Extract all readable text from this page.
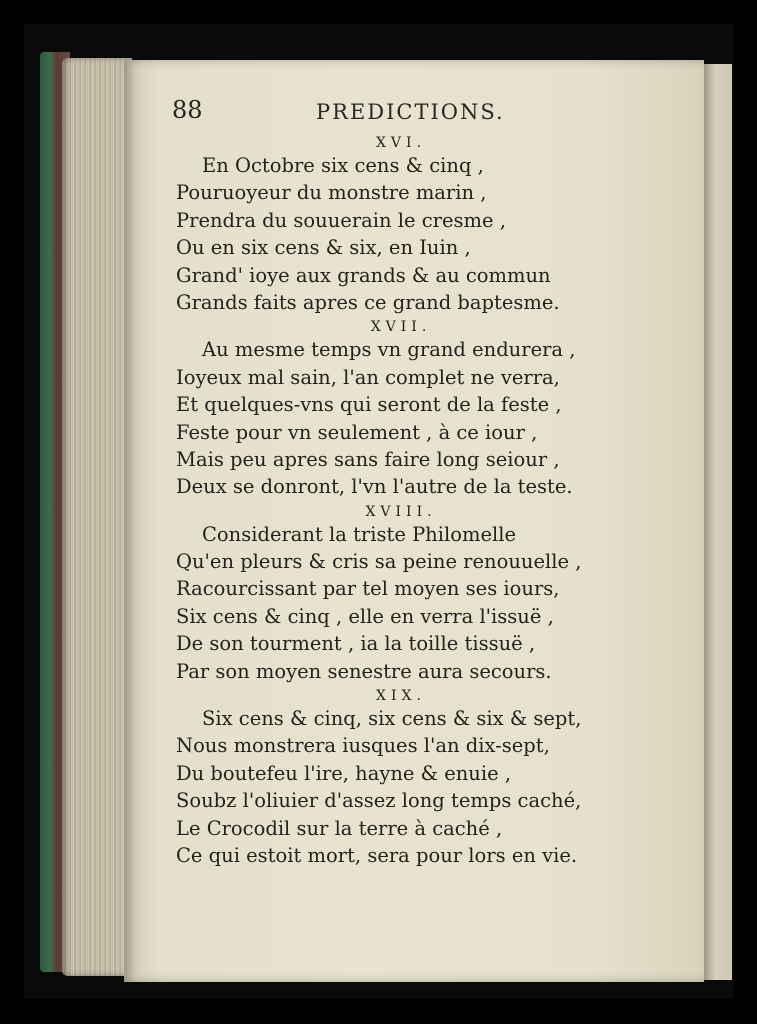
88	PREDICTIONS.
XVI.
En Octobre six cens & cinq ,
Pouruoyeur du monstre marin ,
Prendra du souuerain le cresme ,
Ou en six cens & six, en Iuin ,
Grand' ioye aux grands & au commun
Grands faits apres ce grand baptesme.
XVII.
Au mesme temps vn grand endurera ,
Ioyeux mal sain, l'an complet ne verra,
Et quelques-vns qui seront de la feste ,
Feste pour vn seulement , à ce iour ,
Mais peu apres sans faire long seiour ,
Deux se donront, l'vn l'autre de la teste.
XVIII.
Considerant la triste Philomelle
Qu'en pleurs & cris sa peine renouuelle ,
Racourcissant par tel moyen ses iours,
Six cens & cinq , elle en verra l'issuë ,
De son tourment , ia la toille tissuë ,
Par son moyen senestre aura secours.
XIX.
Six cens & cinq, six cens & six & sept,
Nous monstrera iusques l'an dix-sept,
Du boutefeu l'ire, hayne & enuie ,
Soubz l'oliuier d'assez long temps caché,
Le Crocodil sur la terre à caché ,
Ce qui estoit mort, sera pour lors en vie.
